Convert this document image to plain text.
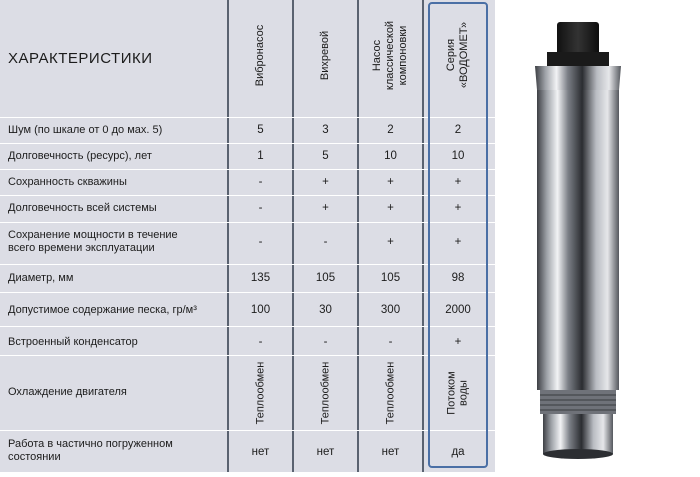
ХАРАКТЕРИСТИКИ	Вибронасос	Вихревой	Насос
классической
компоновки	Серия
«ВОДОМЕТ»
Шум (по шкале от 0 до мах. 5)	5	3	2	2
Долговечность (ресурс), лет	1	5	10	10
Сохранность скважины	-	+	+	+
Долговечность всей системы	-	+	+	+
Сохранение мощности в течение
всего времени эксплуатации	-	-	+	+
Диаметр, мм	135	105	105	98
Допустимое содержание песка, гр/м³	100	30	300	2000
Встроенный конденсатор	-	-	-	+
Охлаждение двигателя	Теплообмен	Теплообмен	Теплообмен	Потоком
воды
Работа в частично погруженном
состоянии	нет	нет	нет	да
